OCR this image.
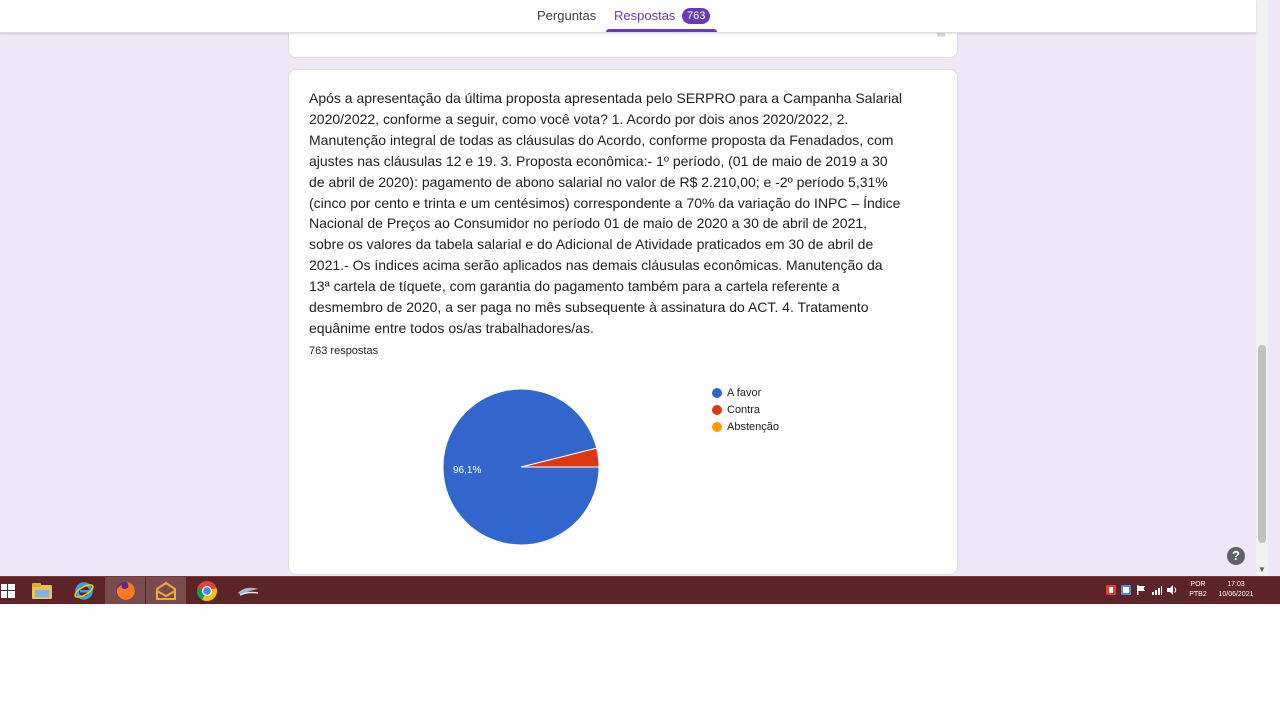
Perguntas Respostas	763
Após a apresentação da última proposta apresentada pelo SERPRO para a Campanha Salarial 2020/2022, conforme a seguir, como você vota? 1. Acordo por dois anos 2020/2022, 2. Manutenção integral de todas as cláusulas do Acordo, conforme proposta da Fenadados, com ajustes nas cláusulas 12 e 19. 3. Proposta econômica:- 1º período, (01 de maio de 2019 a 30 de abril de 2020): pagamento de abono salarial no valor de R$ 2.210,00; e -2º período 5,31% (cinco por cento e trinta e um centésimos) correspondente a 70% da variação do INPC – Índice Nacional de Preços ao Consumidor no período 01 de maio de 2020 a 30 de abril de 2021, sobre os valores da tabela salarial e do Adicional de Atividade praticados em 30 de abril de 2021.- Os índices acima serão aplicados nas demais cláusulas econômicas. Manutenção da 13ª cartela de tíquete, com garantia do pagamento também para a cartela referente a desmembro de 2020, a ser paga no mês subsequente à assinatura do ACT. 4. Tratamento equânime entre todos os/as trabalhadores/as.
763 respostas
96,1%
A favor
Contra
Abstenção
▼
?
POR
PTB2
17:03
10/06/2021
